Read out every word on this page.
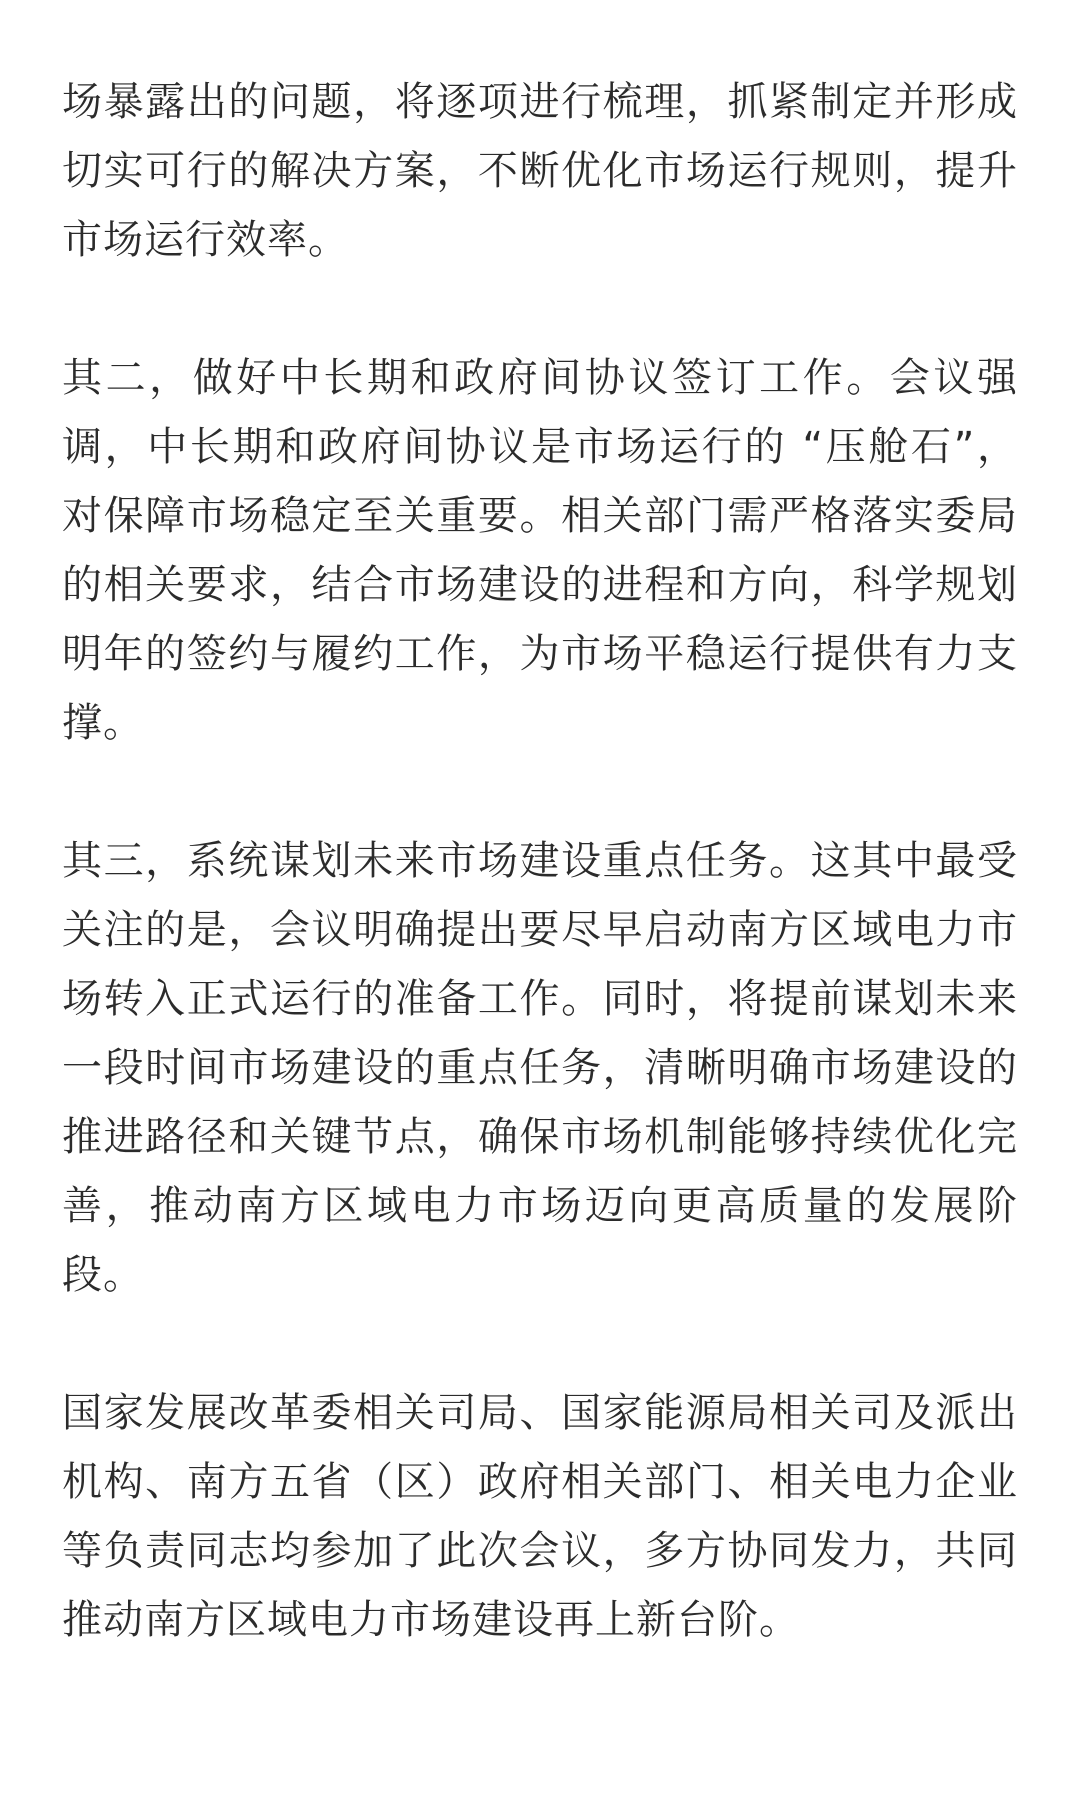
场暴露出的问题，将逐项进行梳理，抓紧制定并形成切实可行的解决方案，不断优化市场运行规则，提升市场运行效率。

其二，做好中长期和政府间协议签订工作。会议强调，中长期和政府间协议是市场运行的 “压舱石”，对保障市场稳定至关重要。相关部门需严格落实委局的相关要求，结合市场建设的进程和方向，科学规划明年的签约与履约工作，为市场平稳运行提供有力支撑。

其三，系统谋划未来市场建设重点任务。这其中最受关注的是，会议明确提出要尽早启动南方区域电力市场转入正式运行的准备工作。同时，将提前谋划未来一段时间市场建设的重点任务，清晰明确市场建设的推进路径和关键节点，确保市场机制能够持续优化完善，推动南方区域电力市场迈向更高质量的发展阶段。

国家发展改革委相关司局、国家能源局相关司及派出机构、南方五省（区）政府相关部门、相关电力企业等负责同志均参加了此次会议，多方协同发力，共同推动南方区域电力市场建设再上新台阶。
